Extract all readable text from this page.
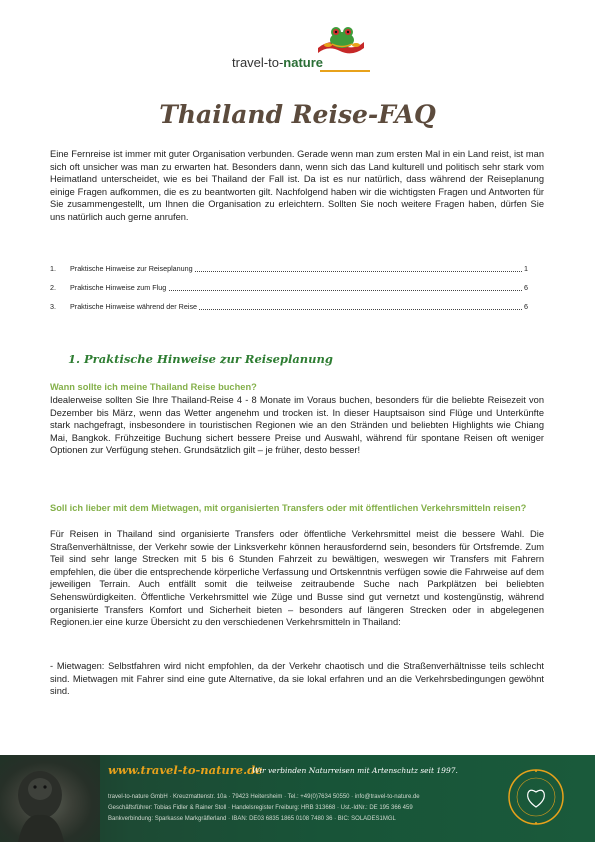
travel-to-nature
Thailand Reise-FAQ

Eine Fernreise ist immer mit guter Organisation verbunden. Gerade wenn man zum ersten Mal in ein Land reist, ist man sich oft unsicher was man zu erwarten hat. Besonders dann, wenn sich das Land kulturell und politisch sehr stark vom Heimatland unterscheidet, wie es bei Thailand der Fall ist. Da ist es nur natürlich, dass während der Reiseplanung einige Fragen aufkommen, die es zu beantworten gilt. Nachfolgend haben wir die wichtigsten Fragen und Antworten für Sie zusammengestellt, um Ihnen die Organisation zu erleichtern. Sollten Sie noch weitere Fragen haben, dürfen Sie uns natürlich auch gerne anrufen.

1. Praktische Hinweise zur Reiseplanung	1
2. Praktische Hinweise zum Flug	6
3. Praktische Hinweise während der Reise	6
1. Praktische Hinweise zur Reiseplanung

Wann sollte ich meine Thailand Reise buchen?

Idealerweise sollten Sie Ihre Thailand-Reise 4 - 8 Monate im Voraus buchen, besonders für die beliebte Reisezeit von Dezember bis März, wenn das Wetter angenehm und trocken ist. In dieser Hauptsaison sind Flüge und Unterkünfte stark nachgefragt, insbesondere in touristischen Regionen wie an den Stränden und beliebten Highlights wie Chiang Mai, Bangkok. Frühzeitige Buchung sichert bessere Preise und Auswahl, während für spontane Reisen oft weniger Optionen zur Verfügung stehen. Grundsätzlich gilt – je früher, desto besser!

Soll ich lieber mit dem Mietwagen, mit organisierten Transfers oder mit öffentlichen Verkehrsmitteln reisen?

Für Reisen in Thailand sind organisierte Transfers oder öffentliche Verkehrsmittel meist die bessere Wahl. Die Straßenverhältnisse, der Verkehr sowie der Linksverkehr können herausfordernd sein, besonders für Ortsfremde. Zum Teil sind sehr lange Strecken mit 5 bis 6 Stunden Fahrzeit zu bewältigen, weswegen wir Transfers mit Fahrern empfehlen, die über die entsprechende körperliche Verfassung und Ortskenntnis verfügen sowie die Fahrweise auf dem jeweiligen Terrain. Auch entfällt somit die teilweise zeitraubende Suche nach Parkplätzen bei beliebten Sehenswürdigkeiten. Öffentliche Verkehrsmittel wie Züge und Busse sind gut vernetzt und kostengünstig, während organisierte Transfers Komfort und Sicherheit bieten – besonders auf längeren Strecken oder in abgelegenen Regionen.ier eine kurze Übersicht zu den verschiedenen Verkehrsmitteln in Thailand:

- Mietwagen: Selbstfahren wird nicht empfohlen, da der Verkehr chaotisch und die Straßenverhältnisse teils schlecht sind. Mietwagen mit Fahrer sind eine gute Alternative, da sie lokal erfahren und an die Verkehrsbedingungen gewöhnt sind.

www.travel-to-nature.de
Wir verbinden Naturreisen mit Artenschutz seit 1997.
travel-to-nature GmbH · Kreuzmattenstr. 10a · 79423 Heitersheim · Tel.: +49(0)7634 50550 · info@travel-to-nature.de
Geschäftsführer: Tobias Fidler & Rainer Stoll · Handelsregister Freiburg: HRB 313668 · Ust.-IdNr.: DE 195 366 459
Bankverbindung: Sparkasse Markgräflerland · IBAN: DE03 6835 1865 0108 7480 36 · BIC: SOLADES1MGL
